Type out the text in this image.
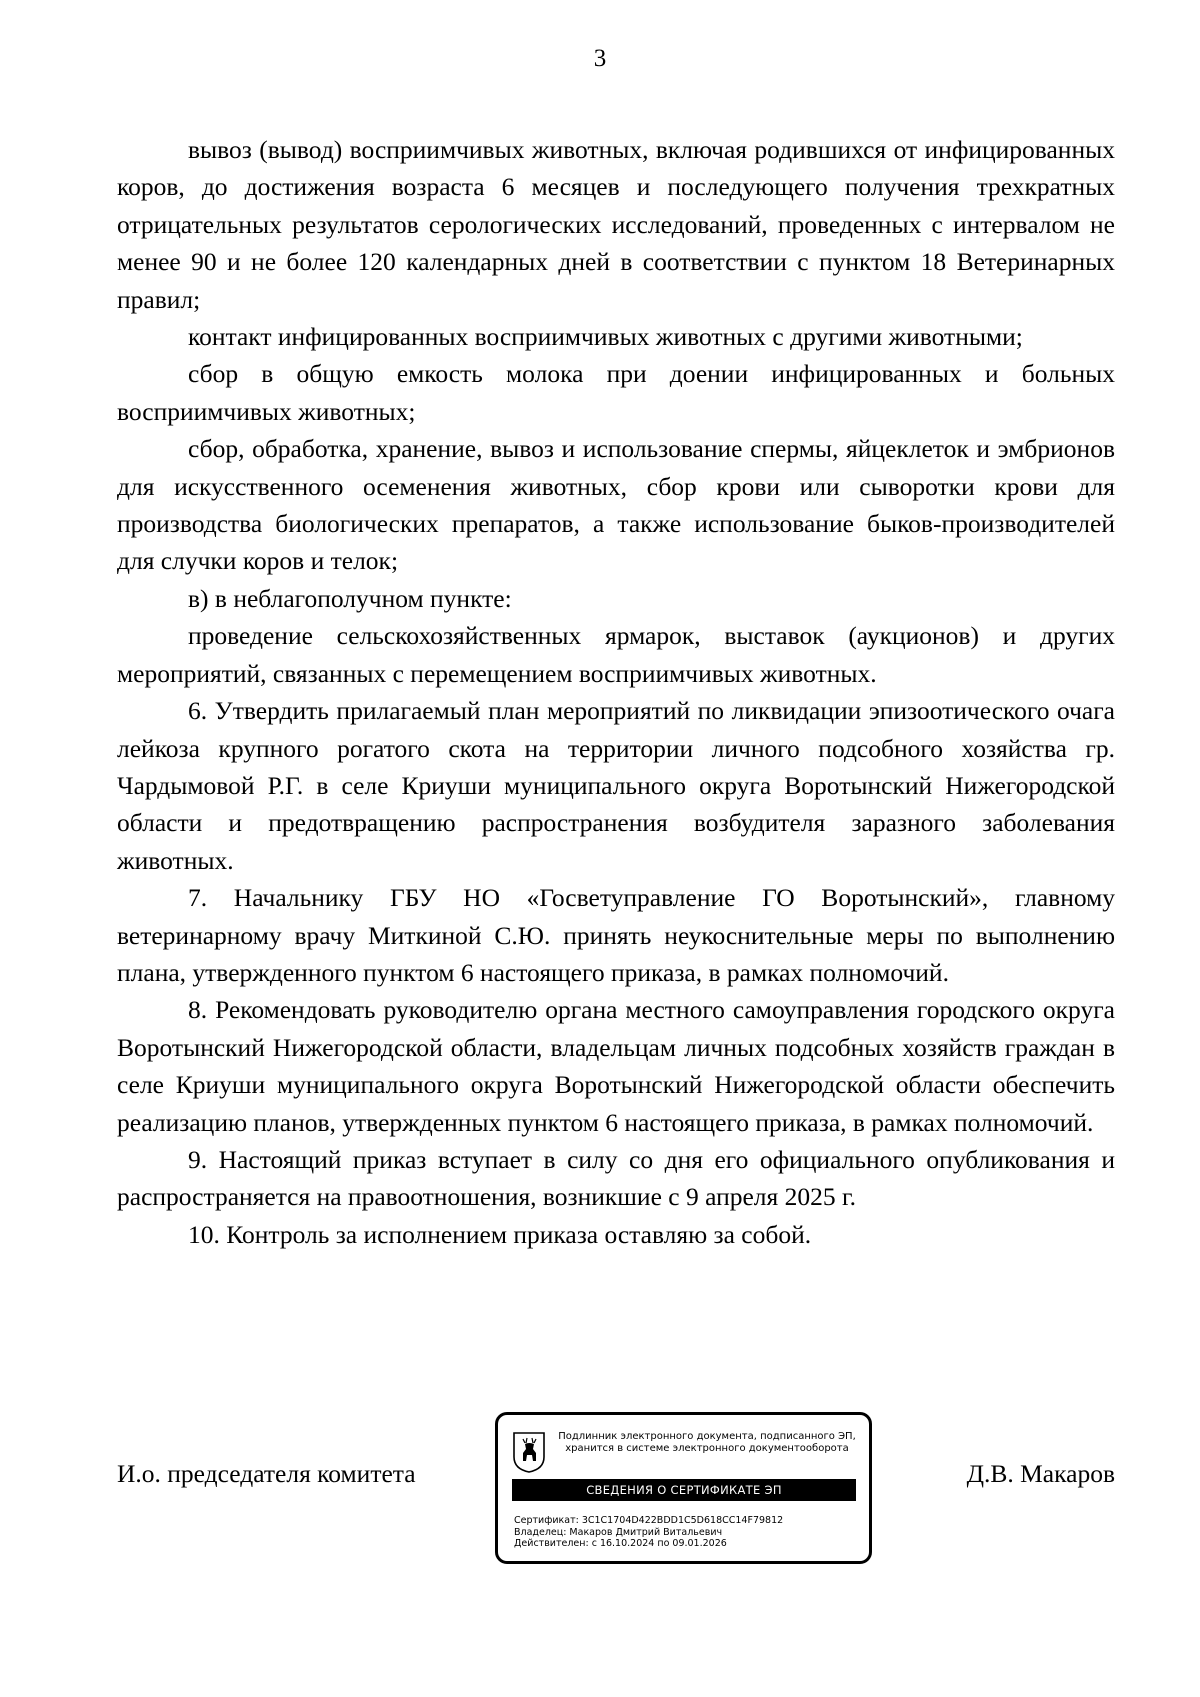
3

вывоз (вывод) восприимчивых животных, включая родившихся от инфицированных коров, до достижения возраста 6 месяцев и последующего получения трехкратных отрицательных результатов серологических исследований, проведенных с интервалом не менее 90 и не более 120 календарных дней в соответствии с пунктом 18 Ветеринарных правил;

контакт инфицированных восприимчивых животных с другими животными;

сбор в общую емкость молока при доении инфицированных и больных восприимчивых животных;

сбор, обработка, хранение, вывоз и использование спермы, яйцеклеток и эмбрионов для искусственного осеменения животных, сбор крови или сыворотки крови для производства биологических препаратов, а также использование быков-производителей для случки коров и телок;

в) в неблагополучном пункте:

проведение сельскохозяйственных ярмарок, выставок (аукционов) и других мероприятий, связанных с перемещением восприимчивых животных.

6. Утвердить прилагаемый план мероприятий по ликвидации эпизоотического очага лейкоза крупного рогатого скота на территории личного подсобного хозяйства гр. Чардымовой Р.Г. в селе Криуши муниципального округа Воротынский Нижегородской области и предотвращению распространения возбудителя заразного заболевания животных.

7. Начальнику ГБУ НО «Госветуправление ГО Воротынский», главному ветеринарному врачу Миткиной С.Ю. принять неукоснительные меры по выполнению плана, утвержденного пунктом 6 настоящего приказа, в рамках полномочий.

8. Рекомендовать руководителю органа местного самоуправления городского округа Воротынский Нижегородской области, владельцам личных подсобных хозяйств граждан в селе Криуши муниципального округа Воротынский Нижегородской области обеспечить реализацию планов, утвержденных пунктом 6 настоящего приказа, в рамках полномочий.

9. Настоящий приказ вступает в силу со дня его официального опубликования и распространяется на правоотношения, возникшие с 9 апреля 2025 г.

10. Контроль за исполнением приказа оставляю за собой.

И.о. председателя комитета
Подлинник электронного документа, подписанного ЭП,
хранится в системе электронного документооборота
СВЕДЕНИЯ О СЕРТИФИКАТЕ ЭП
Сертификат: 3C1C1704D422BDD1C5D618CC14F79812
Владелец: Макаров Дмитрий Витальевич
Действителен: с 16.10.2024 по 09.01.2026
Д.В. Макаров
